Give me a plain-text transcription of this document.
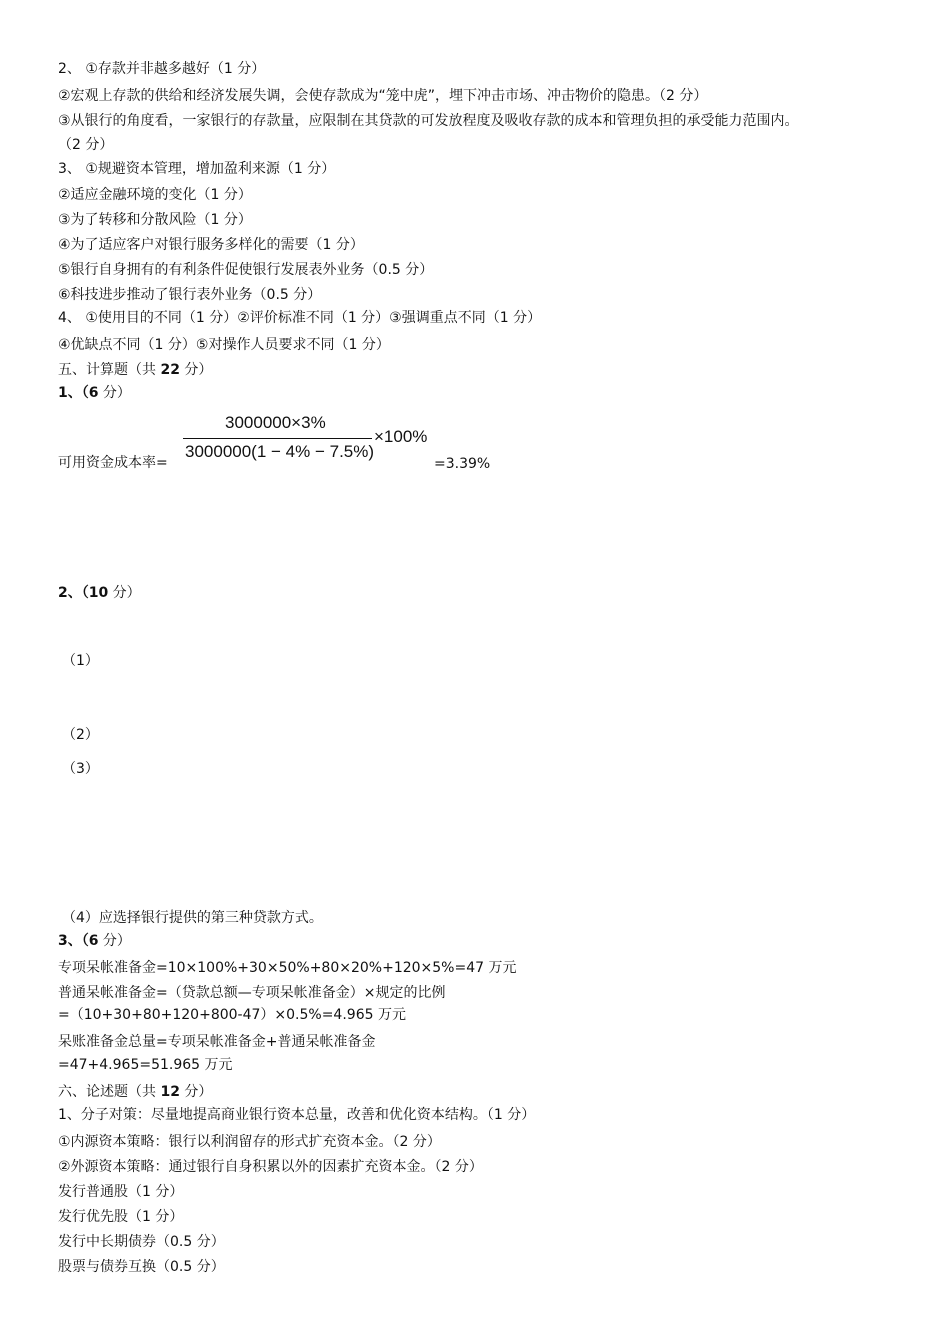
2、 ①存款并非越多越好（1 分）
②宏观上存款的供给和经济发展失调，会使存款成为“笼中虎”，埋下冲击市场、冲击物价的隐患。（2 分）
③从银行的角度看，一家银行的存款量，应限制在其贷款的可发放程度及吸收存款的成本和管理负担的承受能力范围内。
（2 分）
3、 ①规避资本管理，增加盈利来源（1 分）
②适应金融环境的变化（1 分）
③为了转移和分散风险（1 分）
④为了适应客户对银行服务多样化的需要（1 分）
⑤银行自身拥有的有利条件促使银行发展表外业务（0.5 分）
⑥科技进步推动了银行表外业务（0.5 分）
4、 ①使用目的不同（1 分）②评价标准不同（1 分）③强调重点不同（1 分）
④优缺点不同（1 分）⑤对操作人员要求不同（1 分）
五、计算题（共 22 分）
1、（6 分）
可用资金成本率=
3000000×3%
3000000(1 − 4% − 7.5%)
×100%
=3.39%
2、（10 分）
（1）
（2）
（3）
（4）应选择银行提供的第三种贷款方式。
3、（6 分）
专项呆帐准备金=10×100%+30×50%+80×20%+120×5%=47 万元
普通呆帐准备金=（贷款总额—专项呆帐准备金）×规定的比例
=（10+30+80+120+800-47）×0.5%=4.965 万元
呆账准备金总量=专项呆帐准备金+普通呆帐准备金
=47+4.965=51.965 万元
六、论述题（共 12 分）
1、分子对策：尽量地提高商业银行资本总量，改善和优化资本结构。（1 分）
①内源资本策略：银行以利润留存的形式扩充资本金。（2 分）
②外源资本策略：通过银行自身积累以外的因素扩充资本金。（2 分）
发行普通股（1 分）
发行优先股（1 分）
发行中长期债券（0.5 分）
股票与债券互换（0.5 分）
